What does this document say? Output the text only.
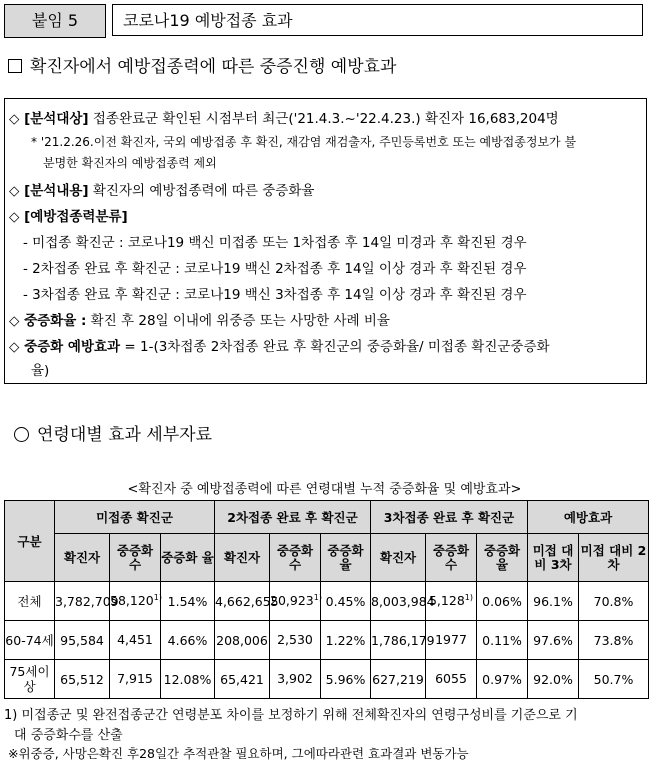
붙임 5	코로나19 예방접종 효과
확진자에서 예방접종력에 따른 중증진행 예방효과
◇ [분석대상] 접종완료군 확인된 시점부터 최근('21.4.3.~'22.4.23.) 확진자 16,683,204명
* '21.2.26.이전 확진자, 국외 예방접종 후 확진, 재감염 재검출자, 주민등록번호 또는 예방접종정보가 불
분명한 확진자의 예방접종력 제외
◇ [분석내용] 확진자의 예방접종력에 따른 중증화율
◇ [예방접종력분류]
- 미접종 확진군 : 코로나19 백신 미접종 또는 1차접종 후 14일 미경과 후 확진된 경우
- 2차접종 완료 후 확진군 : 코로나19 백신 2차접종 후 14일 이상 경과 후 확진된 경우
- 3차접종 완료 후 확진군 : 코로나19 백신 3차접종 후 14일 이상 경과 후 확진된 경우
◇ 중증화율 : 확진 후 28일 이내에 위중증 또는 사망한 사례 비율
◇ 중증화 예방효과 = 1-(3차접종 2차접종 완료 후 확진군의 중증화율/ 미접종 확진군중증화
율)
연령대별 효과 세부자료
<확진자 중 예방접종력에 따른 연령대별 누적 중증화율 및 예방효과>
구분	미접종 확진군			2차접종 완료 후 확진군			3차접종 완료 후 확진군			예방효과	
	확진자	중증화 수	중증화 율	확진자	중증화 수	중증화 율	확진자	중증화 수	중증화 율	미접 대비 3차	미접 대비 2차
전체	3,782,709	58,120$^{1)}$	1.54%	4,662,655	20,923$^{1)}$	0.45%	8,003,984	5,128$^{1)}$	0.06%	96.1%	70.8%
60-74세	95,584	4,451	4.66%	208,006	2,530	1.22%	1,786,179	1977	0.11%	97.6%	73.8%
75세이상	65,512	7,915	12.08%	65,421	3,902	5.96%	627,219	6055	0.97%	92.0%	50.7%
1) 미접종군 및 완전접종군간 연령분포 차이를 보정하기 위해 전체확진자의 연령구성비를 기준으로 기
대 중증화수를 산출
※위중증, 사망은확진 후28일간 추적관찰 필요하며, 그에따라관련 효과결과 변동가능
